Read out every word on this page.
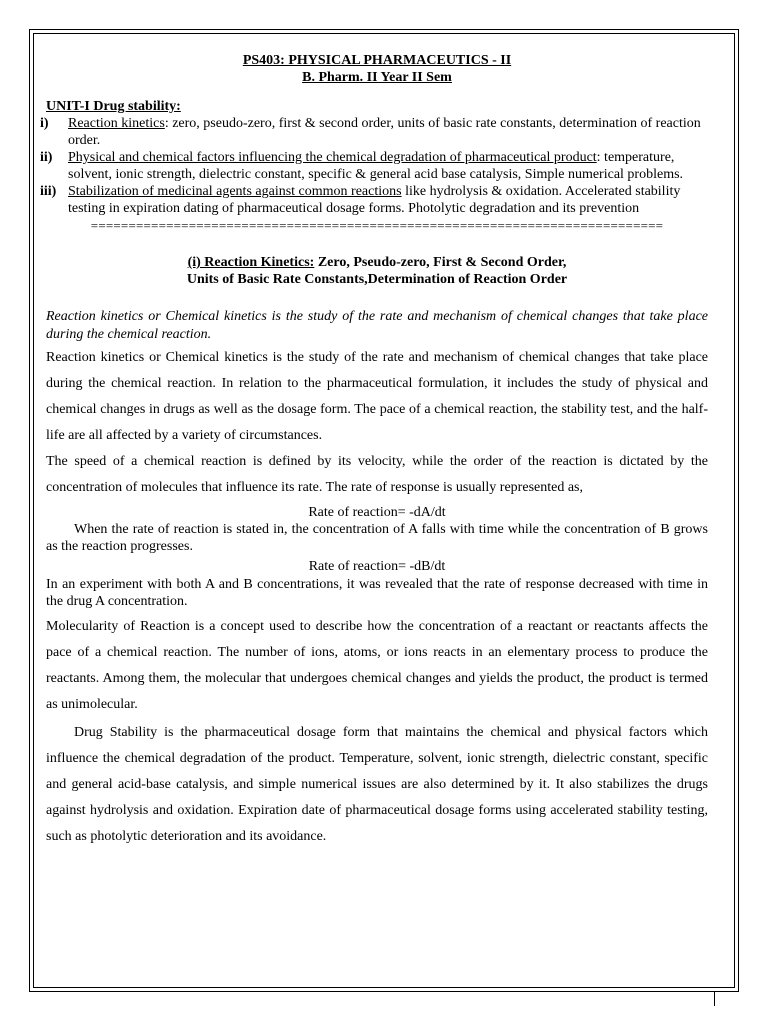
PS403: PHYSICAL PHARMACEUTICS - II

B. Pharm. II Year II Sem

UNIT-I Drug stability:

i)	Reaction kinetics: zero, pseudo-zero, first & second order, units of basic rate constants, determination of reaction order.
ii)	Physical and chemical factors influencing the chemical degradation of pharmaceutical product: temperature, solvent, ionic strength, dielectric constant, specific & general acid base catalysis, Simple numerical problems.
iii) Stabilization of medicinal agents against common reactions like hydrolysis & oxidation. Accelerated stability testing in expiration dating of pharmaceutical dosage forms. Photolytic degradation and its prevention

============================================================================

(i) Reaction Kinetics: Zero, Pseudo-zero, First & Second Order,

Units of Basic Rate Constants,Determination of Reaction Order

Reaction kinetics or Chemical kinetics is the study of the rate and mechanism of chemical changes that take place during the chemical reaction.

Reaction kinetics or Chemical kinetics is the study of the rate and mechanism of chemical changes that take place during the chemical reaction. In relation to the pharmaceutical formulation, it includes the study of physical and chemical changes in drugs as well as the dosage form. The pace of a chemical reaction, the stability test, and the half-life are all affected by a variety of circumstances.

The speed of a chemical reaction is defined by its velocity, while the order of the reaction is dictated by the concentration of molecules that influence its rate. The rate of response is usually represented as,

Rate of reaction= -dA/dt

When the rate of reaction is stated in, the concentration of A falls with time while the concentration of B grows as the reaction progresses.

Rate of reaction= -dB/dt

In an experiment with both A and B concentrations, it was revealed that the rate of response decreased with time in the drug A concentration.

Molecularity of Reaction is a concept used to describe how the concentration of a reactant or reactants affects the pace of a chemical reaction. The number of ions, atoms, or ions reacts in an elementary process to produce the reactants. Among them, the molecular that undergoes chemical changes and yields the product, the product is termed as unimolecular.

Drug Stability is the pharmaceutical dosage form that maintains the chemical and physical factors which influence the chemical degradation of the product. Temperature, solvent, ionic strength, dielectric constant, specific and general acid-base catalysis, and simple numerical issues are also determined by it. It also stabilizes the drugs against hydrolysis and oxidation. Expiration date of pharmaceutical dosage forms using accelerated stability testing, such as photolytic deterioration and its avoidance.
